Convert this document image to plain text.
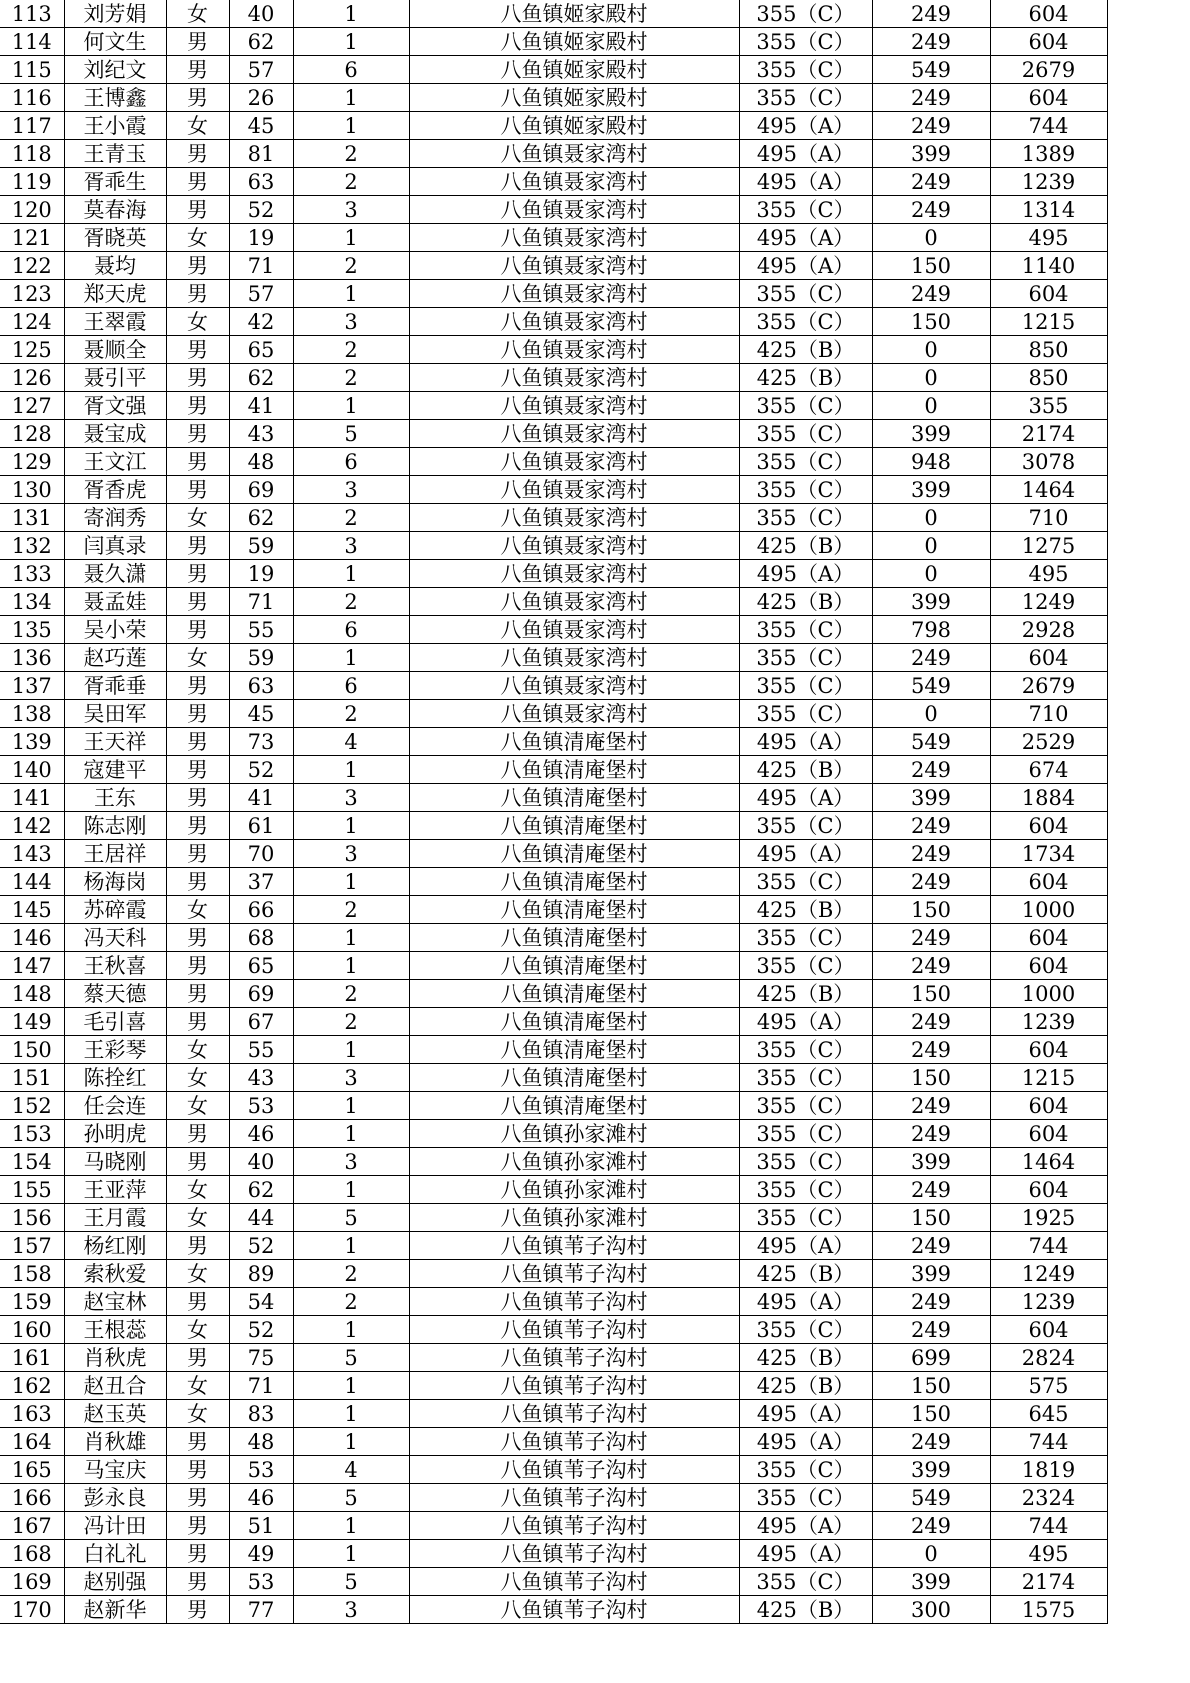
113	刘芳娟	女	40	1	八鱼镇姬家殿村	355（C）	249	604
114	何文生	男	62	1	八鱼镇姬家殿村	355（C）	249	604
115	刘纪文	男	57	6	八鱼镇姬家殿村	355（C）	549	2679
116	王博鑫	男	26	1	八鱼镇姬家殿村	355（C）	249	604
117	王小霞	女	45	1	八鱼镇姬家殿村	495（A）	249	744
118	王青玉	男	81	2	八鱼镇聂家湾村	495（A）	399	1389
119	胥乖生	男	63	2	八鱼镇聂家湾村	495（A）	249	1239
120	莫春海	男	52	3	八鱼镇聂家湾村	355（C）	249	1314
121	胥晓英	女	19	1	八鱼镇聂家湾村	495（A）	0	495
122	聂均	男	71	2	八鱼镇聂家湾村	495（A）	150	1140
123	郑天虎	男	57	1	八鱼镇聂家湾村	355（C）	249	604
124	王翠霞	女	42	3	八鱼镇聂家湾村	355（C）	150	1215
125	聂顺全	男	65	2	八鱼镇聂家湾村	425（B）	0	850
126	聂引平	男	62	2	八鱼镇聂家湾村	425（B）	0	850
127	胥文强	男	41	1	八鱼镇聂家湾村	355（C）	0	355
128	聂宝成	男	43	5	八鱼镇聂家湾村	355（C）	399	2174
129	王文江	男	48	6	八鱼镇聂家湾村	355（C）	948	3078
130	胥香虎	男	69	3	八鱼镇聂家湾村	355（C）	399	1464
131	寄润秀	女	62	2	八鱼镇聂家湾村	355（C）	0	710
132	闫真录	男	59	3	八鱼镇聂家湾村	425（B）	0	1275
133	聂久潇	男	19	1	八鱼镇聂家湾村	495（A）	0	495
134	聂孟娃	男	71	2	八鱼镇聂家湾村	425（B）	399	1249
135	吴小荣	男	55	6	八鱼镇聂家湾村	355（C）	798	2928
136	赵巧莲	女	59	1	八鱼镇聂家湾村	355（C）	249	604
137	胥乖垂	男	63	6	八鱼镇聂家湾村	355（C）	549	2679
138	吴田军	男	45	2	八鱼镇聂家湾村	355（C）	0	710
139	王天祥	男	73	4	八鱼镇清庵堡村	495（A）	549	2529
140	寇建平	男	52	1	八鱼镇清庵堡村	425（B）	249	674
141	王东	男	41	3	八鱼镇清庵堡村	495（A）	399	1884
142	陈志刚	男	61	1	八鱼镇清庵堡村	355（C）	249	604
143	王居祥	男	70	3	八鱼镇清庵堡村	495（A）	249	1734
144	杨海岗	男	37	1	八鱼镇清庵堡村	355（C）	249	604
145	苏碎霞	女	66	2	八鱼镇清庵堡村	425（B）	150	1000
146	冯天科	男	68	1	八鱼镇清庵堡村	355（C）	249	604
147	王秋喜	男	65	1	八鱼镇清庵堡村	355（C）	249	604
148	蔡天德	男	69	2	八鱼镇清庵堡村	425（B）	150	1000
149	毛引喜	男	67	2	八鱼镇清庵堡村	495（A）	249	1239
150	王彩琴	女	55	1	八鱼镇清庵堡村	355（C）	249	604
151	陈拴红	女	43	3	八鱼镇清庵堡村	355（C）	150	1215
152	任会连	女	53	1	八鱼镇清庵堡村	355（C）	249	604
153	孙明虎	男	46	1	八鱼镇孙家滩村	355（C）	249	604
154	马晓刚	男	40	3	八鱼镇孙家滩村	355（C）	399	1464
155	王亚萍	女	62	1	八鱼镇孙家滩村	355（C）	249	604
156	王月霞	女	44	5	八鱼镇孙家滩村	355（C）	150	1925
157	杨红刚	男	52	1	八鱼镇苇子沟村	495（A）	249	744
158	索秋爱	女	89	2	八鱼镇苇子沟村	425（B）	399	1249
159	赵宝林	男	54	2	八鱼镇苇子沟村	495（A）	249	1239
160	王根蕊	女	52	1	八鱼镇苇子沟村	355（C）	249	604
161	肖秋虎	男	75	5	八鱼镇苇子沟村	425（B）	699	2824
162	赵丑合	女	71	1	八鱼镇苇子沟村	425（B）	150	575
163	赵玉英	女	83	1	八鱼镇苇子沟村	495（A）	150	645
164	肖秋雄	男	48	1	八鱼镇苇子沟村	495（A）	249	744
165	马宝庆	男	53	4	八鱼镇苇子沟村	355（C）	399	1819
166	彭永良	男	46	5	八鱼镇苇子沟村	355（C）	549	2324
167	冯计田	男	51	1	八鱼镇苇子沟村	495（A）	249	744
168	白礼礼	男	49	1	八鱼镇苇子沟村	495（A）	0	495
169	赵别强	男	53	5	八鱼镇苇子沟村	355（C）	399	2174
170	赵新华	男	77	3	八鱼镇苇子沟村	425（B）	300	1575
